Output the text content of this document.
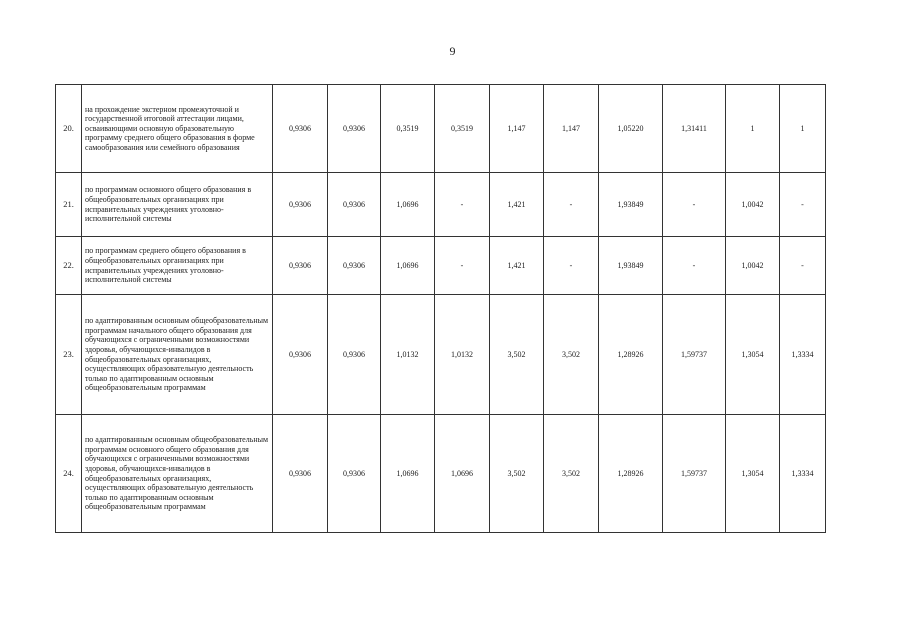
9
20.	на прохождение экстерном промежуточной и государственной итоговой аттестации лицами, осваивающими основную образовательную программу среднего общего образования в форме самообразования или семейного образования	0,9306	0,9306	0,3519	0,3519	1,147	1,147	1,05220	1,31411	1	1
21.	по программам основного общего образования в общеобразовательных организациях при исправительных учреждениях уголовно-исполнительной системы	0,9306	0,9306	1,0696	-	1,421	-	1,93849	-	1,0042	-
22.	по программам среднего общего образования в общеобразовательных организациях при исправительных учреждениях уголовно-исполнительной системы	0,9306	0,9306	1,0696	-	1,421	-	1,93849	-	1,0042	-
23.	по адаптированным основным общеобразовательным программам начального общего образования для обучающихся с ограниченными возможностями здоровья, обучающихся-инвалидов в общеобразовательных организациях, осуществляющих образовательную деятельность только по адаптированным основным общеобразовательным программам	0,9306	0,9306	1,0132	1,0132	3,502	3,502	1,28926	1,59737	1,3054	1,3334
24.	по адаптированным основным общеобразовательным программам основного общего образования для обучающихся с ограниченными возможностями здоровья, обучающихся-инвалидов в общеобразовательных организациях, осуществляющих образовательную деятельность только по адаптированным основным общеобразовательным программам	0,9306	0,9306	1,0696	1,0696	3,502	3,502	1,28926	1,59737	1,3054	1,3334
